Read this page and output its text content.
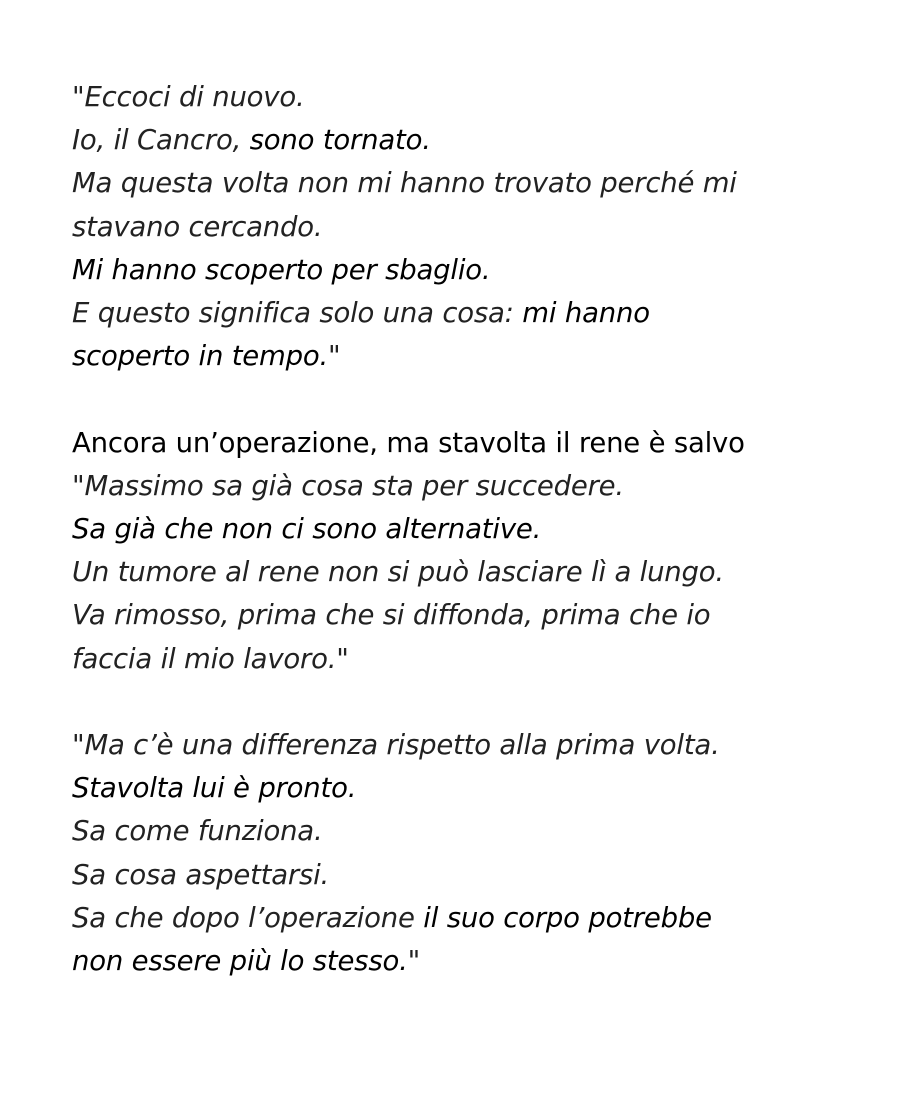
"Eccoci di nuovo.
Io, il Cancro, sono tornato.
Ma questa volta non mi hanno trovato perché mi
stavano cercando.
Mi hanno scoperto per sbaglio.
E questo significa solo una cosa: mi hanno
scoperto in tempo."

Ancora un’operazione, ma stavolta il rene è salvo
"Massimo sa già cosa sta per succedere.
Sa già che non ci sono alternative.
Un tumore al rene non si può lasciare lì a lungo.
Va rimosso, prima che si diffonda, prima che io
faccia il mio lavoro."

"Ma c’è una differenza rispetto alla prima volta.
Stavolta lui è pronto.
Sa come funziona.
Sa cosa aspettarsi.
Sa che dopo l’operazione il suo corpo potrebbe
non essere più lo stesso."
